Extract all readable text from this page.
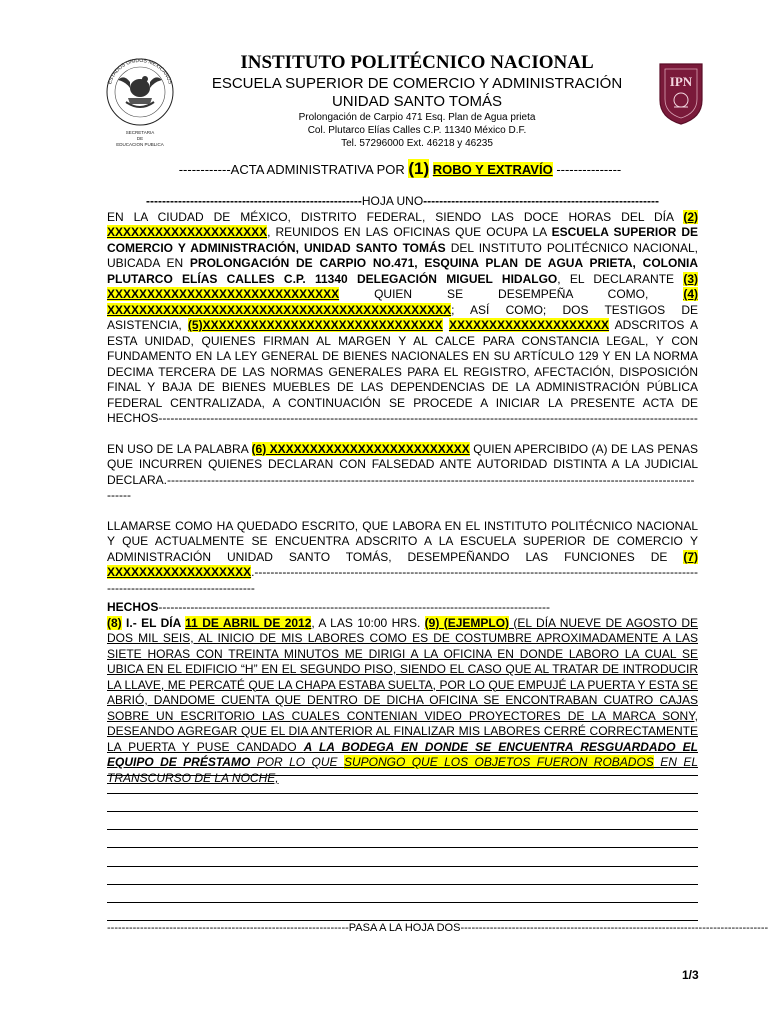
ESTADOS UNIDOS MEXICANOS
SECRETARIA
DE
EDUCACION PUBLICA
IPN
INSTITUTO POLITÉCNICO NACIONAL
ESCUELA SUPERIOR DE COMERCIO Y ADMINISTRACIÓN
UNIDAD SANTO TOMÁS
Prolongación de Carpio 471 Esq. Plan de Agua prieta
Col. Plutarco Elías Calles C.P. 11340 México D.F.
Tel. 57296000 Ext. 46218 y 46235
------------ACTA ADMINISTRATIVA POR (1) ROBO Y EXTRAVÍO ---------------
------------------------------------------------------HOJA UNO-----------------------------------------------------------
EN LA CIUDAD DE MÉXICO, DISTRITO FEDERAL, SIENDO LAS DOCE HORAS DEL DÍA (2) XXXXXXXXXXXXXXXXXXXX, REUNIDOS EN LAS OFICINAS QUE OCUPA LA ESCUELA SUPERIOR DE COMERCIO Y ADMINISTRACIÓN, UNIDAD SANTO TOMÁS DEL INSTITUTO POLITÉCNICO NACIONAL, UBICADA EN PROLONGACIÓN DE CARPIO NO.471, ESQUINA PLAN DE AGUA PRIETA, COLONIA PLUTARCO ELÍAS CALLES C.P. 11340 DELEGACIÓN MIGUEL HIDALGO, EL DECLARANTE (3) XXXXXXXXXXXXXXXXXXXXXXXXXXXXX QUIEN SE DESEMPEÑA COMO, (4) XXXXXXXXXXXXXXXXXXXXXXXXXXXXXXXXXXXXXXXXXXX; ASÍ COMO; DOS TESTIGOS DE ASISTENCIA, (5)XXXXXXXXXXXXXXXXXXXXXXXXXXXXXX XXXXXXXXXXXXXXXXXXXX ADSCRITOS A ESTA UNIDAD, QUIENES FIRMAN AL MARGEN Y AL CALCE PARA CONSTANCIA LEGAL, Y CON FUNDAMENTO EN LA LEY GENERAL DE BIENES NACIONALES EN SU ARTÍCULO 129 Y EN LA NORMA DECIMA TERCERA DE LAS NORMAS GENERALES PARA EL REGISTRO, AFECTACIÓN, DISPOSICIÓN FINAL Y BAJA DE BIENES MUEBLES DE LAS DEPENDENCIAS DE LA ADMINISTRACIÓN PÚBLICA FEDERAL CENTRALIZADA, A CONTINUACIÓN SE PROCEDE A INICIAR LA PRESENTE ACTA DE HECHOS---------------------------------------------------------------------------------------------------------------------------------------
EN USO DE LA PALABRA (6) XXXXXXXXXXXXXXXXXXXXXXXXX QUIEN APERCIBIDO (A) DE LAS PENAS QUE INCURREN QUIENES DECLARAN CON FALSEDAD ANTE AUTORIDAD DISTINTA A LA JUDICIAL DECLARA.------------------------------------------------------------------------------------------------------------------------------------------
LLAMARSE COMO HA QUEDADO ESCRITO, QUE LABORA EN EL INSTITUTO POLITÉCNICO NACIONAL Y QUE ACTUALMENTE SE ENCUENTRA ADSCRITO A LA ESCUELA SUPERIOR DE COMERCIO Y ADMINISTRACIÓN UNIDAD SANTO TOMÁS, DESEMPEÑANDO LAS FUNCIONES DE (7) XXXXXXXXXXXXXXXXXX.----------------------------------------------------------------------------------------------------------------------------------------------------
HECHOS--------------------------------------------------------------------------------------------------
(8) I.- EL DÍA 11 DE ABRIL DE 2012, A LAS 10:00 HRS. (9) (EJEMPLO) (EL DÍA NUEVE DE AGOSTO DE DOS MIL SEIS, AL INICIO DE MIS LABORES COMO ES DE COSTUMBRE APROXIMADAMENTE A LAS SIETE HORAS CON TREINTA MINUTOS ME DIRIGI A LA OFICINA EN DONDE LABORO LA CUAL SE UBICA EN EL EDIFICIO “H” EN EL SEGUNDO PISO, SIENDO EL CASO QUE AL TRATAR DE INTRODUCIR LA LLAVE, ME PERCATÉ QUE LA CHAPA ESTABA SUELTA, POR LO QUE EMPUJÉ LA PUERTA Y ESTA SE ABRIÓ, DANDOME CUENTA QUE DENTRO DE DICHA OFICINA SE ENCONTRABAN CUATRO CAJAS SOBRE UN ESCRITORIO LAS CUALES CONTENIAN VIDEO PROYECTORES DE LA MARCA SONY, DESEANDO AGREGAR QUE EL DIA ANTERIOR AL FINALIZAR MIS LABORES CERRÉ CORRECTAMENTE LA PUERTA Y PUSE CANDADO A LA BODEGA EN DONDE SE ENCUENTRA RESGUARDADO EL EQUIPO DE PRÉSTAMO POR LO QUE SUPONGO QUE LOS OBJETOS FUERON ROBADOS EN EL TRANSCURSO DE LA NOCHE,
------------------------------------------------------------------PASA A LA HOJA DOS------------------------------------------------------------------------------------
1/3
